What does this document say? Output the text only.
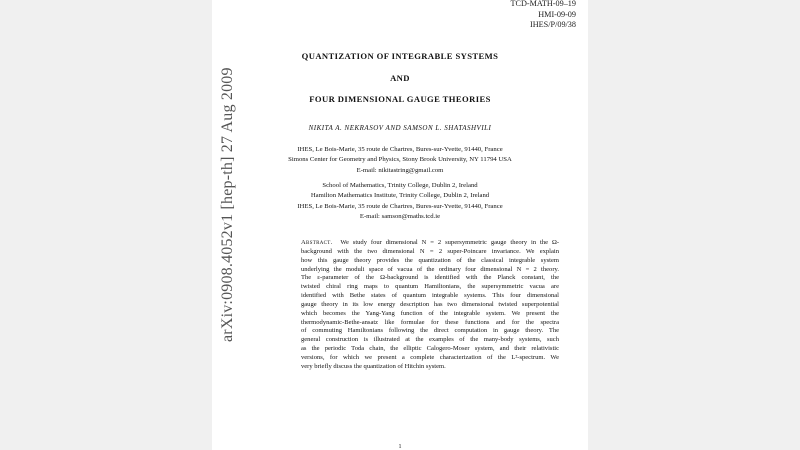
TCD-MATH-09–19
HMI-09-09
IHES/P/09/38
QUANTIZATION OF INTEGRABLE SYSTEMS
AND
FOUR DIMENSIONAL GAUGE THEORIES
NIKITA A. NEKRASOV AND SAMSON L. SHATASHVILI
IHES, Le Bois-Marie, 35 route de Chartres, Bures-sur-Yvette, 91440, France
Simons Center for Geometry and Physics, Stony Brook University, NY 11794 USA
E-mail: nikitastring@gmail.com
School of Mathematics, Trinity College, Dublin 2, Ireland
Hamilton Mathematics Institute, Trinity College, Dublin 2, Ireland
IHES, Le Bois-Marie, 35 route de Chartres, Bures-sur-Yvette, 91440, France
E-mail: samson@maths.tcd.ie
Abstract. We study four dimensional N = 2 supersymmetric gauge theory in the Ω-
background with the two dimensional N = 2 super-Poincare invariance. We explain
how this gauge theory provides the quantization of the classical integrable system
underlying the moduli space of vacua of the ordinary four dimensional N = 2 theory.
The ε-parameter of the Ω-background is identified with the Planck constant, the
twisted chiral ring maps to quantum Hamiltonians, the supersymmetric vacua are
identified with Bethe states of quantum integrable systems. This four dimensional
gauge theory in its low energy description has two dimensional twisted superpotential
which becomes the Yang-Yang function of the integrable system. We present the
thermodynamic-Bethe-ansatz like formulae for these functions and for the spectra
of commuting Hamiltonians following the direct computation in gauge theory. The
general construction is illustrated at the examples of the many-body systems, such
as the periodic Toda chain, the elliptic Calogero-Moser system, and their relativistic
versions, for which we present a complete characterization of the L²-spectrum. We
very briefly discuss the quantization of Hitchin system.
1
arXiv:0908.4052v1 [hep-th] 27 Aug 2009
